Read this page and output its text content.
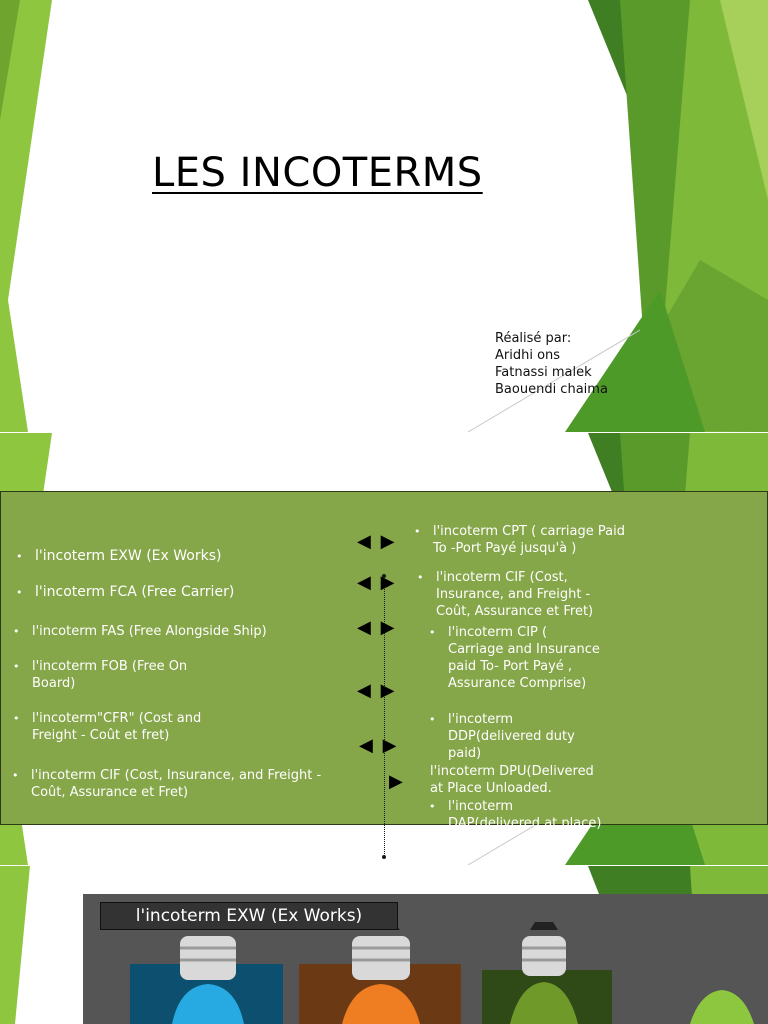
LES INCOTERMS
Réalisé par:
Aridhi ons
Fatnassi malek
Baouendi chaima
• l'incoterm EXW (Ex Works)
• l'incoterm FCA (Free Carrier)
• l'incoterm FAS (Free Alongside Ship)
• l'incoterm FOB (Free On Board)
• l'incoterm"CFR" (Cost and Freight - Coût et fret)
• l'incoterm CIF (Cost, Insurance, and Freight - Coût, Assurance et Fret)
◀ ▶
◀ ▶
◀ ▶
◀ ▶
◀ ▶
▶
• l'incoterm CPT ( carriage Paid To -Port Payé jusqu'à )
• l'incoterm CIF (Cost, Insurance, and Freight - Coût, Assurance et Fret)
• l'incoterm CIP ( Carriage and Insurance paid To- Port Payé , Assurance Comprise)
• l'incoterm DDP(delivered duty paid)
l'incoterm DPU(Delivered at Place Unloaded.
• l'incoterm DAP(delivered at place)
l'incoterm EXW (Ex Works)
